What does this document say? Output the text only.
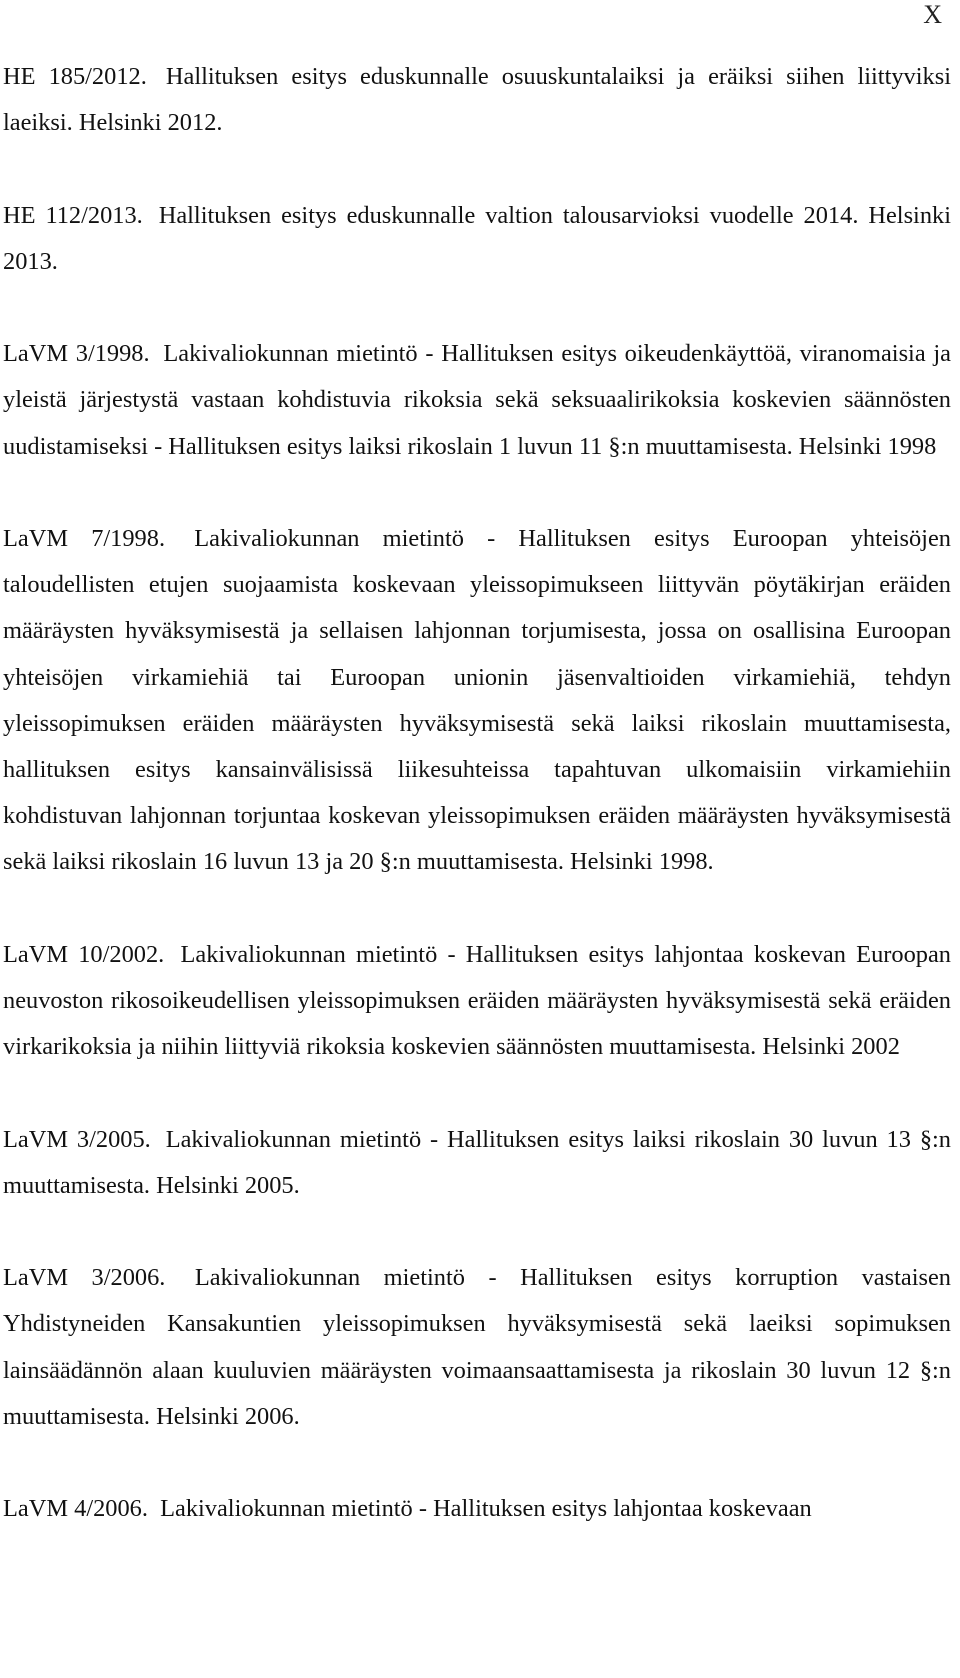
X

HE 185/2012. Hallituksen esitys eduskunnalle osuuskuntalaiksi ja eräiksi siihen liittyviksi laeiksi. Helsinki 2012.

HE 112/2013. Hallituksen esitys eduskunnalle valtion talousarvioksi vuodelle 2014. Helsinki 2013.

LaVM 3/1998. Lakivaliokunnan mietintö - Hallituksen esitys oikeudenkäyttöä, viranomaisia ja yleistä järjestystä vastaan kohdistuvia rikoksia sekä seksuaalirikoksia koskevien säännösten uudistamiseksi - Hallituksen esitys laiksi rikoslain 1 luvun 11 §:n muuttamisesta. Helsinki 1998

LaVM 7/1998. Lakivaliokunnan mietintö - Hallituksen esitys Euroopan yhteisöjen taloudellisten etujen suojaamista koskevaan yleissopimukseen liittyvän pöytäkirjan eräiden määräysten hyväksymisestä ja sellaisen lahjonnan torjumisesta, jossa on osallisina Euroopan yhteisöjen virkamiehiä tai Euroopan unionin jäsenvaltioiden virkamiehiä, tehdyn yleissopimuksen eräiden määräysten hyväksymisestä sekä laiksi rikoslain muuttamisesta, hallituksen esitys kansainvälisissä liikesuhteissa tapahtuvan ulkomaisiin virkamiehiin kohdistuvan lahjonnan torjuntaa koskevan yleissopimuksen eräiden määräysten hyväksymisestä sekä laiksi rikoslain 16 luvun 13 ja 20 §:n muuttamisesta. Helsinki 1998.

LaVM 10/2002. Lakivaliokunnan mietintö - Hallituksen esitys lahjontaa koskevan Euroopan neuvoston rikosoikeudellisen yleissopimuksen eräiden määräysten hyväksymisestä sekä eräiden virkarikoksia ja niihin liittyviä rikoksia koskevien säännösten muuttamisesta. Helsinki 2002

LaVM 3/2005. Lakivaliokunnan mietintö - Hallituksen esitys laiksi rikoslain 30 luvun 13 §:n muuttamisesta. Helsinki 2005.

LaVM 3/2006. Lakivaliokunnan mietintö - Hallituksen esitys korruption vastaisen Yhdistyneiden Kansakuntien yleissopimuksen hyväksymisestä sekä laeiksi sopimuksen lainsäädännön alaan kuuluvien määräysten voimaansaattamisesta ja rikoslain 30 luvun 12 §:n muuttamisesta. Helsinki 2006.

LaVM 4/2006. Lakivaliokunnan mietintö - Hallituksen esitys lahjontaa koskevaan
